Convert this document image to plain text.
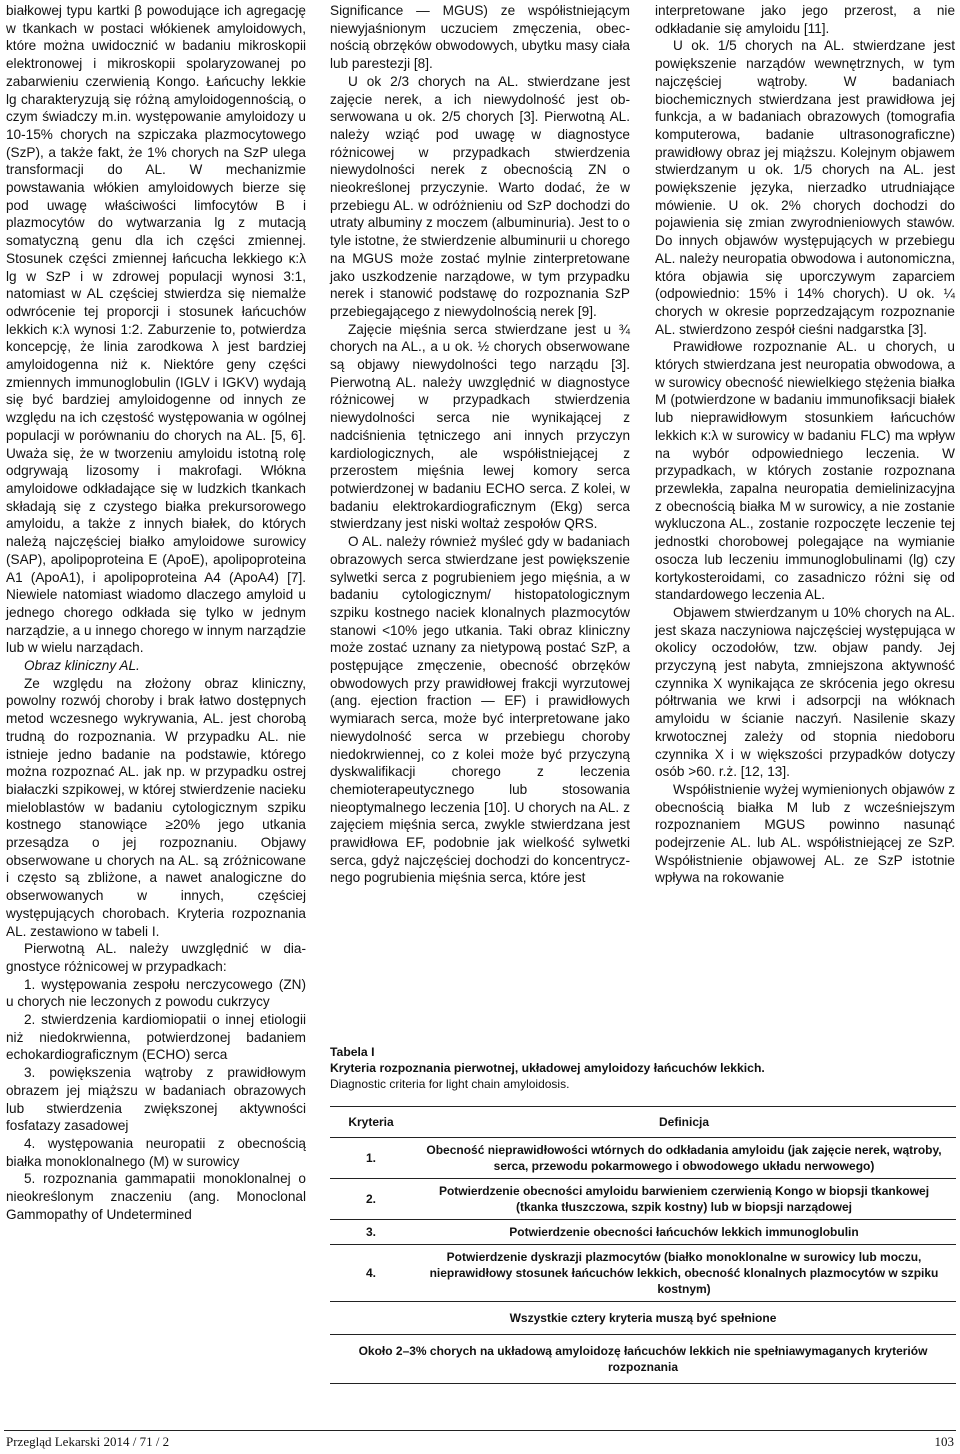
białkowej typu kartki β powodujące ich agregację w tkankach w postaci włókienek amyloidowych, które można uwidocznić w badaniu mikroskopii elektronowej i mikroskopii spolaryzowanej po zabarwieniu czerwienią Kongo. Łańcuchy lekkie lg charakteryzują się różną amyloidogennością, o czym świadczy m.in. występowanie amyloidozy u 10-15% chorych na szpiczaka plazmocytowego (SzP), a także fakt, że 1% chorych na SzP ulega transformacji do AL. W mechanizmie powstawania włókien amyloidowych bierze się pod uwagę właściwości limfocytów B i plazmocytów do wytwarzania lg z mutacją somatyczną genu dla ich części zmiennej. Stosunek części zmiennej łańcucha lekkiego κ:λ lg w SzP i w zdrowej populacji wynosi 3:1, natomiast w AL częściej stwierdza się niemalże odwrócenie tej proporcji i stosunek łańcuchów lekkich κ:λ wynosi 1:2. Zaburzenie to, potwierdza koncepcję, że linia zarodkowa λ jest bardziej amyloidogenna niż κ. Niektóre geny części zmiennych immunoglobulin (IGLV i IGKV) wydają się być bardziej amyloidogenne od innych ze względu na ich częstość występowania w ogólnej populacji w porównaniu do chorych na AL. [5, 6]. Uważa się, że w tworzeniu amyloidu istotną rolę odgrywają lizosomy i makrofagi. Włókna amyloidowe odkładające się w ludzkich tkankach składają się z czystego białka prekursorowego amyloidu, a także z innych białek, do których należą najczęściej białko amyloidowe surowicy (SAP), apolipoproteina E (ApoE), apolipoproteina A1 (ApoA1), i apolipoproteina A4 (ApoA4) [7]. Niewiele natomiast wiadomo dlaczego amyloid u jednego chorego odkłada się tylko w jednym narządzie, a u innego chorego w innym narządzie lub w wielu narządach.

Obraz kliniczny AL.

Ze względu na złożony obraz kliniczny, powolny rozwój choroby i brak łatwo dostępnych metod wczesnego wykrywania, AL. jest chorobą trudną do rozpoznania. W przypadku AL. nie istnieje jedno badanie na podstawie, którego można rozpoznać AL. jak np. w przypadku ostrej białaczki szpikowej, w której stwierdzenie nacieku mieloblastów w badaniu cytologicznym szpiku kostnego stanowiące ≥20% jego utkania przesądza o jej rozpoznaniu. Objawy obserwowane u chorych na AL. są zróżnicowane i często są zbliżone, a nawet analogiczne do obserwowanych w innych, częściej występujących chorobach. Kryteria rozpoznania AL. zestawiono w tabeli I.

Pierwotną AL. należy uwzględnić w diagnostyce różnicowej w przypadkach:

1. występowania zespołu nerczycowego (ZN) u chorych nie leczonych z powodu cukrzycy

2. stwierdzenia kardiomiopatii o innej etiologii niż niedokrwienna, potwierdzonej badaniem echokardiograficznym (ECHO) serca

3. powiększenia wątroby z prawidłowym obrazem jej miąższu w badaniach obrazowych lub stwierdzenia zwiększonej aktywności fosfatazy zasadowej

4. występowania neuropatii z obecnością białka monoklonalnego (M) w surowicy

5. rozpoznania gammapatii monoklonalnej o nieokreślonym znaczeniu (ang. Monoclonal Gammopathy of Undetermined

Significance — MGUS) ze współistniejącym niewyjaśnionym uczuciem zmęczenia, obecnością obrzęków obwodowych, ubytku masy ciała lub parestezji [8].

U ok 2/3 chorych na AL. stwierdzane jest zajęcie nerek, a ich niewydolność jest obserwowana u ok. 2/5 chorych [3]. Pierwotną AL. należy wziąć pod uwagę w diagnostyce różnicowej w przypadkach stwierdzenia niewydolności nerek z obecnością ZN o nieokreślonej przyczynie. Warto dodać, że w przebiegu AL. w odróżnieniu od SzP dochodzi do utraty albuminy z moczem (albuminuria). Jest to o tyle istotne, że stwierdzenie albuminurii u chorego na MGUS może zostać mylnie zinterpretowane jako uszkodzenie narządowe, w tym przypadku nerek i stanowić podstawę do rozpoznania SzP przebiegającego z niewydolnością nerek [9].

Zajęcie mięśnia serca stwierdzane jest u ¾ chorych na AL., a u ok. ½ chorych obserwowane są objawy niewydolności tego narządu [3]. Pierwotną AL. należy uwzględnić w diagnostyce różnicowej w przypadkach stwierdzenia niewydolności serca nie wynikającej z nadciśnienia tętniczego ani innych przyczyn kardiologicznych, ale współistniejącej z przerostem mięśnia lewej komory serca potwierdzonej w badaniu ECHO serca. Z kolei, w badaniu elektrokardiograficznym (Ekg) serca stwierdzany jest niski woltaż zespołów QRS.

O AL. należy również myśleć gdy w badaniach obrazowych serca stwierdzane jest powiększenie sylwetki serca z pogrubieniem jego mięśnia, a w badaniu cytologicznym/ histopatologicznym szpiku kostnego naciek klonalnych plazmocytów stanowi <10% jego utkania. Taki obraz kliniczny może zostać uznany za nietypową postać SzP, a postępujące zmęczenie, obecność obrzęków obwodowych przy prawidłowej frakcji wyrzutowej (ang. ejection fraction — EF) i prawidłowych wymiarach serca, może być interpretowane jako niewydolność serca w przebiegu choroby niedokrwiennej, co z kolei może być przyczyną dyskwalifikacji chorego z leczenia chemioterapeutycznego lub stosowania nieoptymalnego leczenia [10]. U chorych na AL. z zajęciem mięśnia serca, zwykle stwierdzana jest prawidłowa EF, podobnie jak wielkość sylwetki serca, gdyż najczęściej dochodzi do koncentrycznego pogrubienia mięśnia serca, które jest

interpretowane jako jego przerost, a nie odkładanie się amyloidu [11].

U ok. 1/5 chorych na AL. stwierdzane jest powiększenie narządów wewnętrznych, w tym najczęściej wątroby. W badaniach biochemicznych stwierdzana jest prawidłowa jej funkcja, a w badaniach obrazowych (tomografia komputerowa, badanie ultrasonograficzne) prawidłowy obraz jej miąższu. Kolejnym objawem stwierdzanym u ok. 1/5 chorych na AL. jest powiększenie języka, nierzadko utrudniające mówienie. U ok. 2% chorych dochodzi do pojawienia się zmian zwyrodnieniowych stawów. Do innych objawów występujących w przebiegu AL. należy neuropatia obwodowa i autonomiczna, która objawia się uporczywym zaparciem (odpowiednio: 15% i 14% chorych). U ok. ¼ chorych w okresie poprzedzającym rozpoznanie AL. stwierdzono zespół cieśni nadgarstka [3].

Prawidłowe rozpoznanie AL. u chorych, u których stwierdzana jest neuropatia obwodowa, a w surowicy obecność niewielkiego stężenia białka M (potwierdzone w badaniu immunofiksacji białek lub nieprawidłowym stosunkiem łańcuchów lekkich κ:λ w surowicy w badaniu FLC) ma wpływ na wybór odpowiedniego leczenia. W przypadkach, w których zostanie rozpoznana przewlekła, zapalna neuropatia demielinizacyjna z obecnością białka M w surowicy, a nie zostanie wykluczona AL., zostanie rozpoczęte leczenie tej jednostki chorobowej polegające na wymianie osocza lub leczeniu immunoglobulinami (lg) czy kortykosteroidami, co zasadniczo różni się od standardowego leczenia AL.

Objawem stwierdzanym u 10% chorych na AL. jest skaza naczyniowa najczęściej występująca w okolicy oczodołów, tzw. objaw pandy. Jej przyczyną jest nabyta, zmniejszona aktywność czynnika X wynikająca ze skrócenia jego okresu półtrwania we krwi i adsorpcji na włóknach amyloidu w ścianie naczyń. Nasilenie skazy krwotocznej zależy od stopnia niedoboru czynnika X i w większości przypadków dotyczy osób >60. r.ż. [12, 13].

Współistnienie wyżej wymienionych objawów z obecnością białka M lub z wcześniejszym rozpoznaniem MGUS powinno nasunąć podejrzenie AL. lub AL. współistniejącej ze SzP. Współistnienie objawowej AL. ze SzP istotnie wpływa na rokowanie

Tabela I
Kryteria rozpoznania pierwotnej, układowej amyloidozy łańcuchów lekkich.
Diagnostic criteria for light chain amyloidosis.
Kryteria	Definicja
1.	Obecność nieprawidłowości wtórnych do odkładania amyloidu (jak zajęcie nerek, wątroby, serca, przewodu pokarmowego i obwodowego układu nerwowego)
2.	Potwierdzenie obecności amyloidu barwieniem czerwienią Kongo w biopsji tkankowej (tkanka tłuszczowa, szpik kostny) lub w biopsji narządowej
3.	Potwierdzenie obecności łańcuchów lekkich immunoglobulin
4.	Potwierdzenie dyskrazji plazmocytów (białko monoklonalne w surowicy lub moczu, nieprawidłowy stosunek łańcuchów lekkich, obecność klonalnych plazmocytów w szpiku kostnym)
Wszystkie cztery kryteria muszą być spełnione	
Około 2–3% chorych na układową amyloidozę łańcuchów lekkich nie spełniawymaganych kryteriów rozpoznania	
Przegląd Lekarski 2014 / 71 / 2	103
